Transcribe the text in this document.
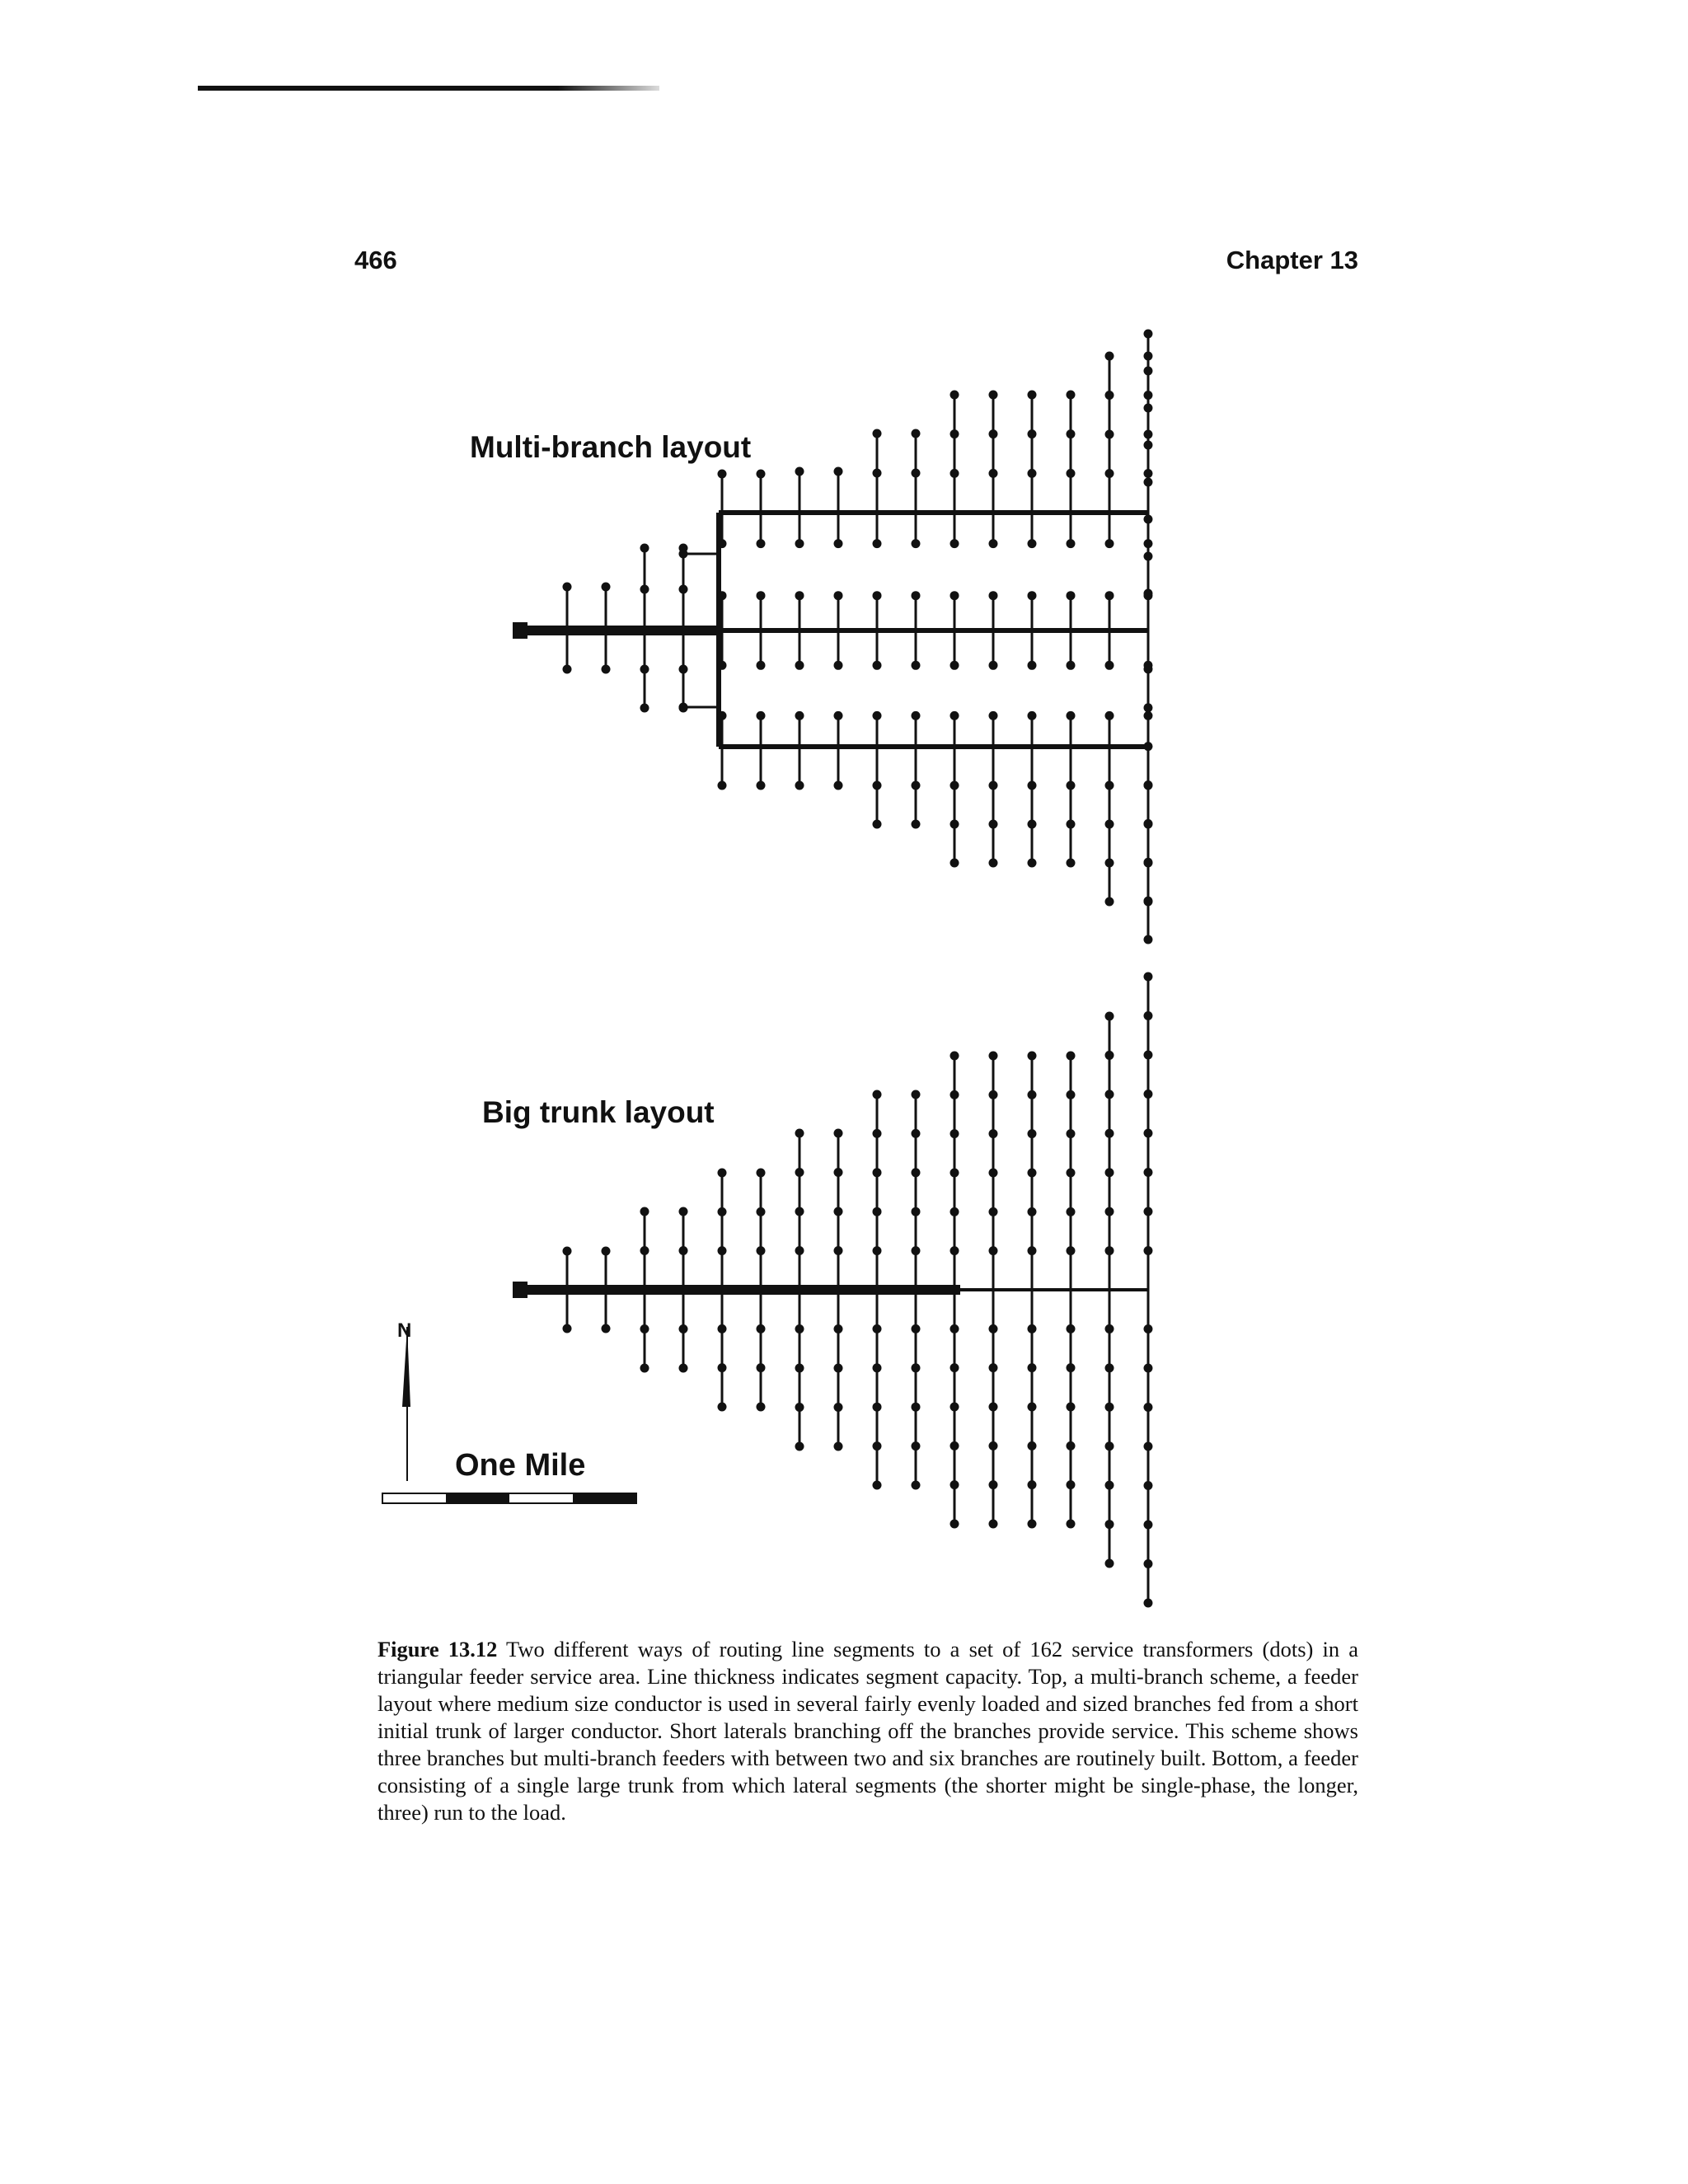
466	Chapter 13
Multi-branch layout
Big trunk layout
N
One Mile
Figure 13.12 Two different ways of routing line segments to a set of 162 service transformers (dots) in a triangular feeder service area. Line thickness indicates segment capacity. Top, a multi-branch scheme, a feeder layout where medium size conductor is used in several fairly evenly loaded and sized branches fed from a short initial trunk of larger conductor. Short laterals branching off the branches provide service. This scheme shows three branches but multi-branch feeders with between two and six branches are routinely built. Bottom, a feeder consisting of a single large trunk from which lateral segments (the shorter might be single-phase, the longer, three) run to the load.
